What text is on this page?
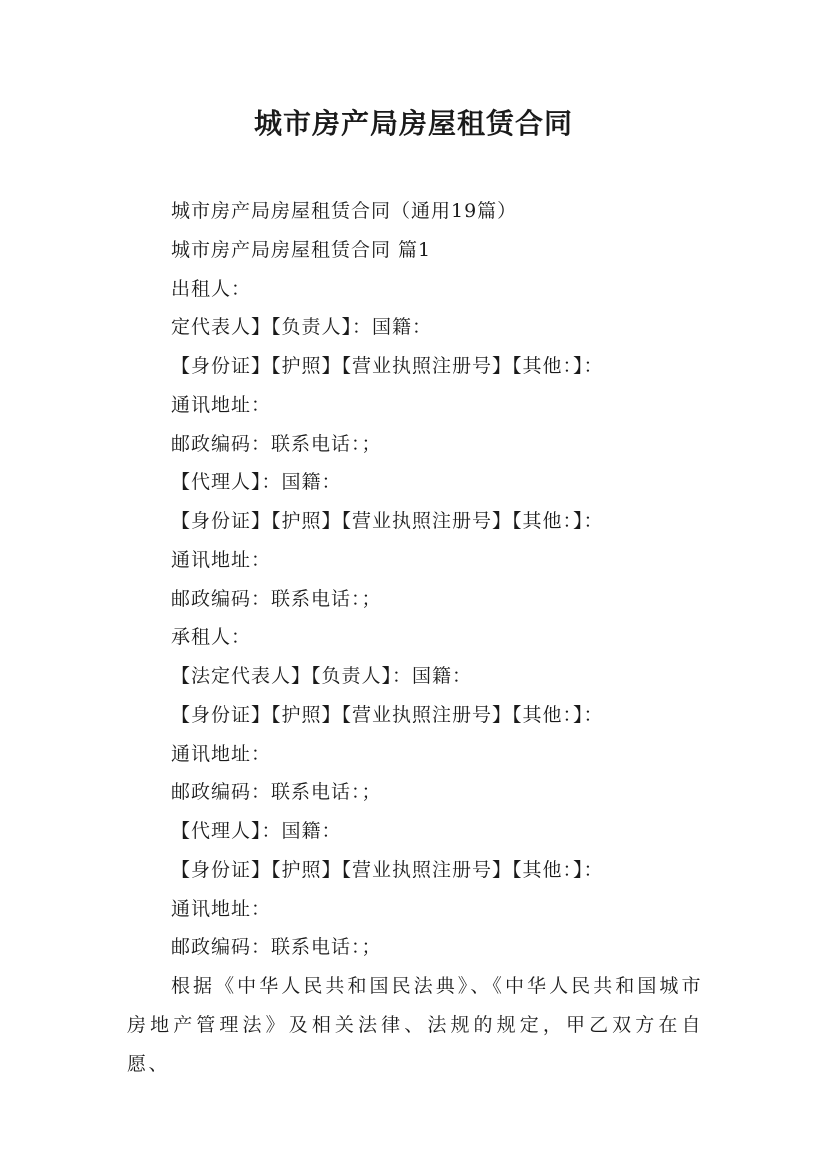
城市房产局房屋租赁合同
城市房产局房屋租赁合同（通用19篇）
城市房产局房屋租赁合同 篇1
出租人：
定代表人】【负责人】：国籍：
【身份证】【护照】【营业执照注册号】【其他：】：
通讯地址：
邮政编码：联系电话：；
【代理人】：国籍：
【身份证】【护照】【营业执照注册号】【其他：】：
通讯地址：
邮政编码：联系电话：；
承租人：
【法定代表人】【负责人】：国籍：
【身份证】【护照】【营业执照注册号】【其他：】：
通讯地址：
邮政编码：联系电话：；
【代理人】：国籍：
【身份证】【护照】【营业执照注册号】【其他：】：
通讯地址：
邮政编码：联系电话：；

根据《中华人民共和国民法典》、《中华人民共和国城市房地产管理法》及相关法律、法规的规定，甲乙双方在自愿、
